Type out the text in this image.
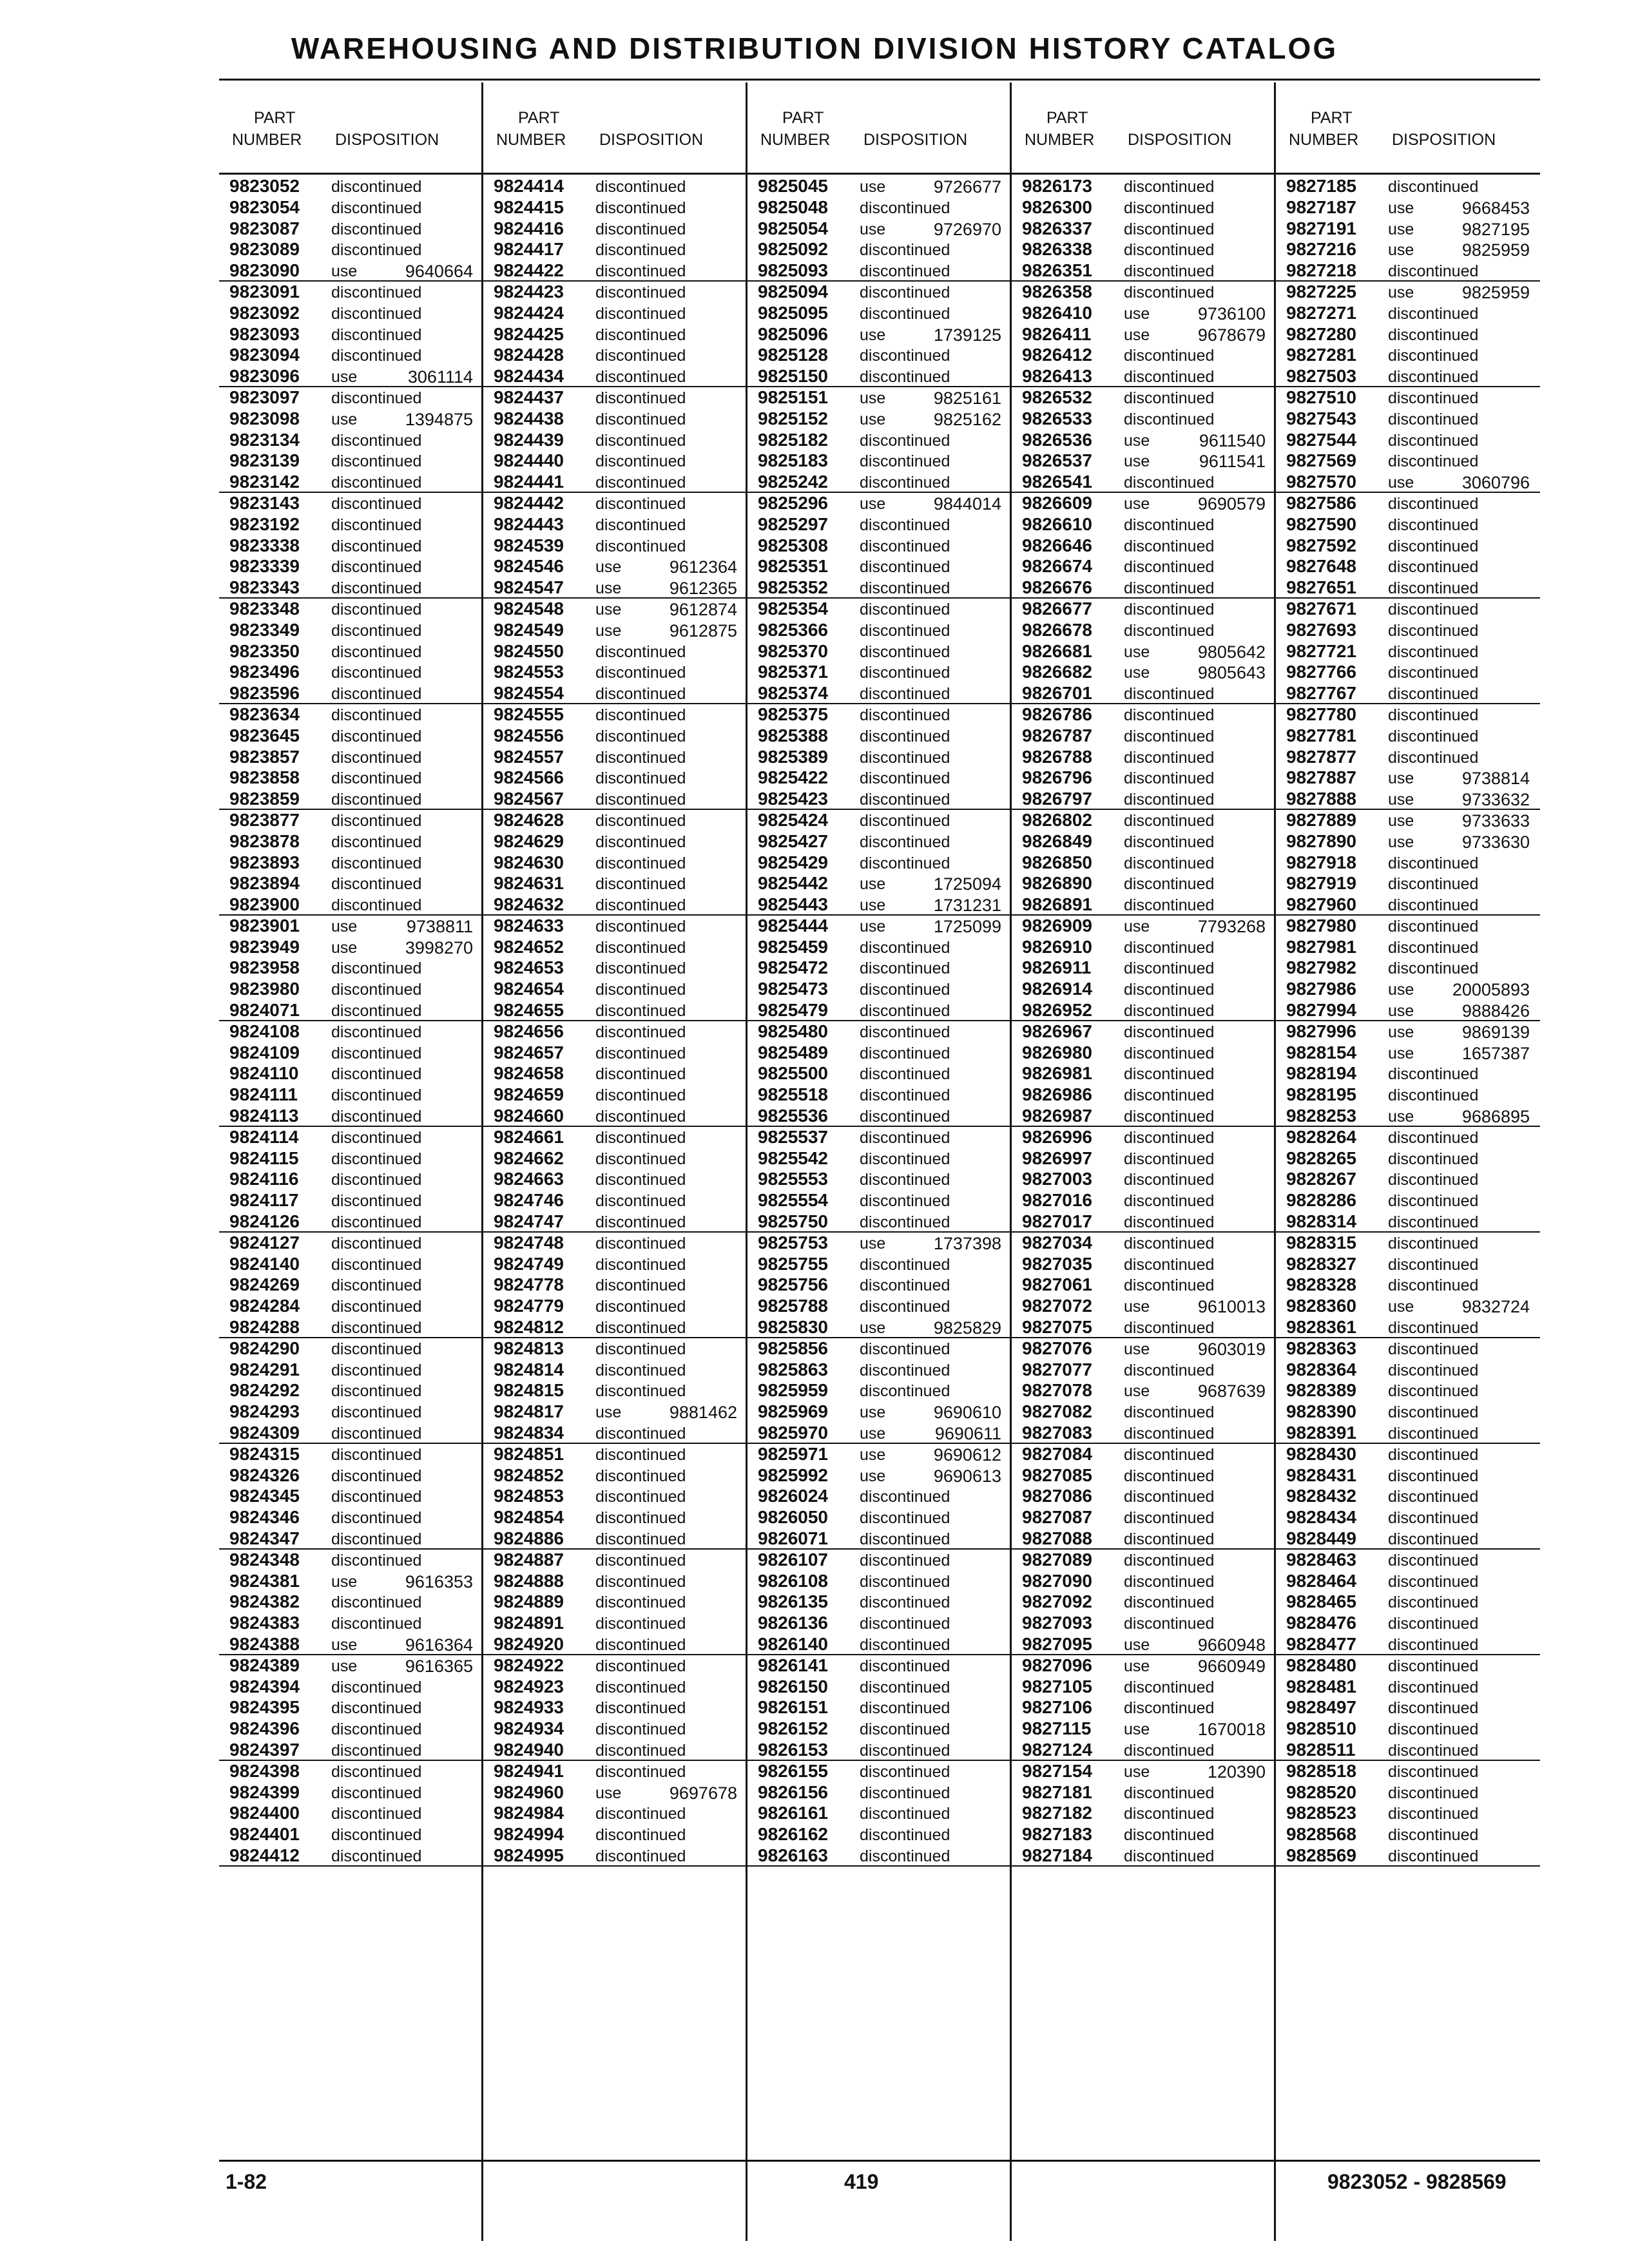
WAREHOUSING AND DISTRIBUTION DIVISION HISTORY CATALOG
PART
NUMBER	DISPOSITION
9823052	discontinued
9823054	discontinued
9823087	discontinued
9823089	discontinued
9823090	use	9640664
9823091	discontinued
9823092	discontinued
9823093	discontinued
9823094	discontinued
9823096	use	3061114
9823097	discontinued
9823098	use	1394875
9823134	discontinued
9823139	discontinued
9823142	discontinued
9823143	discontinued
9823192	discontinued
9823338	discontinued
9823339	discontinued
9823343	discontinued
9823348	discontinued
9823349	discontinued
9823350	discontinued
9823496	discontinued
9823596	discontinued
9823634	discontinued
9823645	discontinued
9823857	discontinued
9823858	discontinued
9823859	discontinued
9823877	discontinued
9823878	discontinued
9823893	discontinued
9823894	discontinued
9823900	discontinued
9823901	use	9738811
9823949	use	3998270
9823958	discontinued
9823980	discontinued
9824071	discontinued
9824108	discontinued
9824109	discontinued
9824110	discontinued
9824111	discontinued
9824113	discontinued
9824114	discontinued
9824115	discontinued
9824116	discontinued
9824117	discontinued
9824126	discontinued
9824127	discontinued
9824140	discontinued
9824269	discontinued
9824284	discontinued
9824288	discontinued
9824290	discontinued
9824291	discontinued
9824292	discontinued
9824293	discontinued
9824309	discontinued
9824315	discontinued
9824326	discontinued
9824345	discontinued
9824346	discontinued
9824347	discontinued
9824348	discontinued
9824381	use	9616353
9824382	discontinued
9824383	discontinued
9824388	use	9616364
9824389	use	9616365
9824394	discontinued
9824395	discontinued
9824396	discontinued
9824397	discontinued
9824398	discontinued
9824399	discontinued
9824400	discontinued
9824401	discontinued
9824412	discontinued
PART
NUMBER	DISPOSITION
9824414	discontinued
9824415	discontinued
9824416	discontinued
9824417	discontinued
9824422	discontinued
9824423	discontinued
9824424	discontinued
9824425	discontinued
9824428	discontinued
9824434	discontinued
9824437	discontinued
9824438	discontinued
9824439	discontinued
9824440	discontinued
9824441	discontinued
9824442	discontinued
9824443	discontinued
9824539	discontinued
9824546	use	9612364
9824547	use	9612365
9824548	use	9612874
9824549	use	9612875
9824550	discontinued
9824553	discontinued
9824554	discontinued
9824555	discontinued
9824556	discontinued
9824557	discontinued
9824566	discontinued
9824567	discontinued
9824628	discontinued
9824629	discontinued
9824630	discontinued
9824631	discontinued
9824632	discontinued
9824633	discontinued
9824652	discontinued
9824653	discontinued
9824654	discontinued
9824655	discontinued
9824656	discontinued
9824657	discontinued
9824658	discontinued
9824659	discontinued
9824660	discontinued
9824661	discontinued
9824662	discontinued
9824663	discontinued
9824746	discontinued
9824747	discontinued
9824748	discontinued
9824749	discontinued
9824778	discontinued
9824779	discontinued
9824812	discontinued
9824813	discontinued
9824814	discontinued
9824815	discontinued
9824817	use	9881462
9824834	discontinued
9824851	discontinued
9824852	discontinued
9824853	discontinued
9824854	discontinued
9824886	discontinued
9824887	discontinued
9824888	discontinued
9824889	discontinued
9824891	discontinued
9824920	discontinued
9824922	discontinued
9824923	discontinued
9824933	discontinued
9824934	discontinued
9824940	discontinued
9824941	discontinued
9824960	use	9697678
9824984	discontinued
9824994	discontinued
9824995	discontinued
PART
NUMBER	DISPOSITION
9825045	use	9726677
9825048	discontinued
9825054	use	9726970
9825092	discontinued
9825093	discontinued
9825094	discontinued
9825095	discontinued
9825096	use	1739125
9825128	discontinued
9825150	discontinued
9825151	use	9825161
9825152	use	9825162
9825182	discontinued
9825183	discontinued
9825242	discontinued
9825296	use	9844014
9825297	discontinued
9825308	discontinued
9825351	discontinued
9825352	discontinued
9825354	discontinued
9825366	discontinued
9825370	discontinued
9825371	discontinued
9825374	discontinued
9825375	discontinued
9825388	discontinued
9825389	discontinued
9825422	discontinued
9825423	discontinued
9825424	discontinued
9825427	discontinued
9825429	discontinued
9825442	use	1725094
9825443	use	1731231
9825444	use	1725099
9825459	discontinued
9825472	discontinued
9825473	discontinued
9825479	discontinued
9825480	discontinued
9825489	discontinued
9825500	discontinued
9825518	discontinued
9825536	discontinued
9825537	discontinued
9825542	discontinued
9825553	discontinued
9825554	discontinued
9825750	discontinued
9825753	use	1737398
9825755	discontinued
9825756	discontinued
9825788	discontinued
9825830	use	9825829
9825856	discontinued
9825863	discontinued
9825959	discontinued
9825969	use	9690610
9825970	use	9690611
9825971	use	9690612
9825992	use	9690613
9826024	discontinued
9826050	discontinued
9826071	discontinued
9826107	discontinued
9826108	discontinued
9826135	discontinued
9826136	discontinued
9826140	discontinued
9826141	discontinued
9826150	discontinued
9826151	discontinued
9826152	discontinued
9826153	discontinued
9826155	discontinued
9826156	discontinued
9826161	discontinued
9826162	discontinued
9826163	discontinued
PART
NUMBER	DISPOSITION
9826173	discontinued
9826300	discontinued
9826337	discontinued
9826338	discontinued
9826351	discontinued
9826358	discontinued
9826410	use	9736100
9826411	use	9678679
9826412	discontinued
9826413	discontinued
9826532	discontinued
9826533	discontinued
9826536	use	9611540
9826537	use	9611541
9826541	discontinued
9826609	use	9690579
9826610	discontinued
9826646	discontinued
9826674	discontinued
9826676	discontinued
9826677	discontinued
9826678	discontinued
9826681	use	9805642
9826682	use	9805643
9826701	discontinued
9826786	discontinued
9826787	discontinued
9826788	discontinued
9826796	discontinued
9826797	discontinued
9826802	discontinued
9826849	discontinued
9826850	discontinued
9826890	discontinued
9826891	discontinued
9826909	use	7793268
9826910	discontinued
9826911	discontinued
9826914	discontinued
9826952	discontinued
9826967	discontinued
9826980	discontinued
9826981	discontinued
9826986	discontinued
9826987	discontinued
9826996	discontinued
9826997	discontinued
9827003	discontinued
9827016	discontinued
9827017	discontinued
9827034	discontinued
9827035	discontinued
9827061	discontinued
9827072	use	9610013
9827075	discontinued
9827076	use	9603019
9827077	discontinued
9827078	use	9687639
9827082	discontinued
9827083	discontinued
9827084	discontinued
9827085	discontinued
9827086	discontinued
9827087	discontinued
9827088	discontinued
9827089	discontinued
9827090	discontinued
9827092	discontinued
9827093	discontinued
9827095	use	9660948
9827096	use	9660949
9827105	discontinued
9827106	discontinued
9827115	use	1670018
9827124	discontinued
9827154	use	120390
9827181	discontinued
9827182	discontinued
9827183	discontinued
9827184	discontinued
PART
NUMBER	DISPOSITION
9827185	discontinued
9827187	use	9668453
9827191	use	9827195
9827216	use	9825959
9827218	discontinued
9827225	use	9825959
9827271	discontinued
9827280	discontinued
9827281	discontinued
9827503	discontinued
9827510	discontinued
9827543	discontinued
9827544	discontinued
9827569	discontinued
9827570	use	3060796
9827586	discontinued
9827590	discontinued
9827592	discontinued
9827648	discontinued
9827651	discontinued
9827671	discontinued
9827693	discontinued
9827721	discontinued
9827766	discontinued
9827767	discontinued
9827780	discontinued
9827781	discontinued
9827877	discontinued
9827887	use	9738814
9827888	use	9733632
9827889	use	9733633
9827890	use	9733630
9827918	discontinued
9827919	discontinued
9827960	discontinued
9827980	discontinued
9827981	discontinued
9827982	discontinued
9827986	use	20005893
9827994	use	9888426
9827996	use	9869139
9828154	use	1657387
9828194	discontinued
9828195	discontinued
9828253	use	9686895
9828264	discontinued
9828265	discontinued
9828267	discontinued
9828286	discontinued
9828314	discontinued
9828315	discontinued
9828327	discontinued
9828328	discontinued
9828360	use	9832724
9828361	discontinued
9828363	discontinued
9828364	discontinued
9828389	discontinued
9828390	discontinued
9828391	discontinued
9828430	discontinued
9828431	discontinued
9828432	discontinued
9828434	discontinued
9828449	discontinued
9828463	discontinued
9828464	discontinued
9828465	discontinued
9828476	discontinued
9828477	discontinued
9828480	discontinued
9828481	discontinued
9828497	discontinued
9828510	discontinued
9828511	discontinued
9828518	discontinued
9828520	discontinued
9828523	discontinued
9828568	discontinued
9828569	discontinued
1-82	419	9823052 - 9828569
